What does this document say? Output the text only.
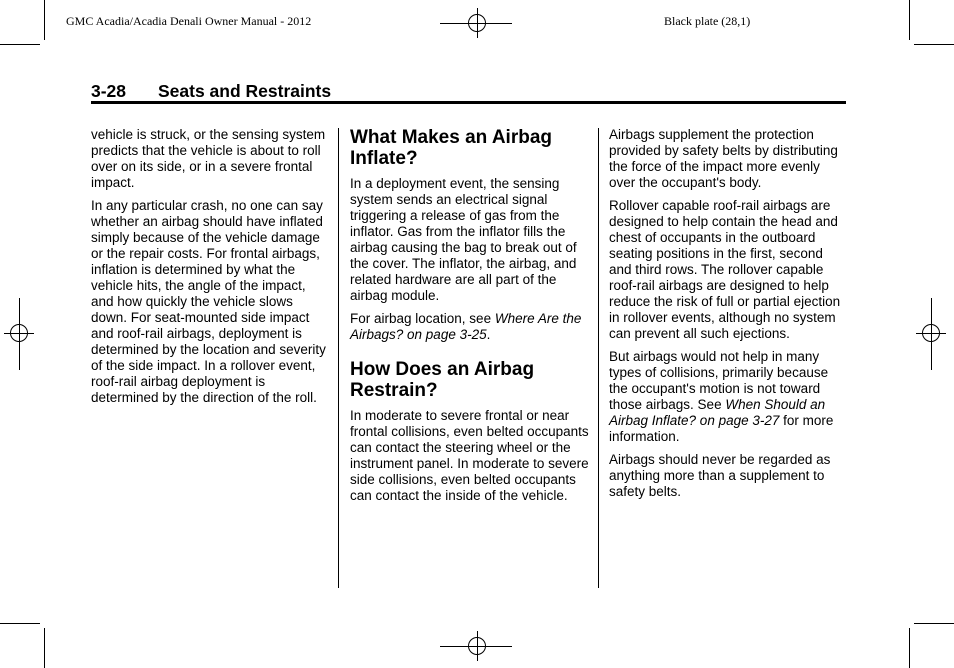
GMC Acadia/Acadia Denali Owner Manual - 2012	Black plate (28,1)
3-28 Seats and Restraints

vehicle is struck, or the sensing system predicts that the vehicle is about to roll over on its side, or in a severe frontal impact.

In any particular crash, no one can say whether an airbag should have inflated simply because of the vehicle damage or the repair costs. For frontal airbags, inflation is determined by what the vehicle hits, the angle of the impact, and how quickly the vehicle slows down. For seat-mounted side impact and roof-rail airbags, deployment is determined by the location and severity of the side impact. In a rollover event, roof-rail airbag deployment is determined by the direction of the roll.

What Makes an Airbag Inflate?

In a deployment event, the sensing system sends an electrical signal triggering a release of gas from the inflator. Gas from the inflator fills the airbag causing the bag to break out of the cover. The inflator, the airbag, and related hardware are all part of the airbag module.

For airbag location, see Where Are the Airbags? on page 3-25.

How Does an Airbag Restrain?

In moderate to severe frontal or near frontal collisions, even belted occupants can contact the steering wheel or the instrument panel. In moderate to severe side collisions, even belted occupants can contact the inside of the vehicle.

Airbags supplement the protection provided by safety belts by distributing the force of the impact more evenly over the occupant's body.

Rollover capable roof-rail airbags are designed to help contain the head and chest of occupants in the outboard seating positions in the first, second and third rows. The rollover capable roof-rail airbags are designed to help reduce the risk of full or partial ejection in rollover events, although no system can prevent all such ejections.

But airbags would not help in many types of collisions, primarily because the occupant's motion is not toward those airbags. See When Should an Airbag Inflate? on page 3-27 for more information.

Airbags should never be regarded as anything more than a supplement to safety belts.
